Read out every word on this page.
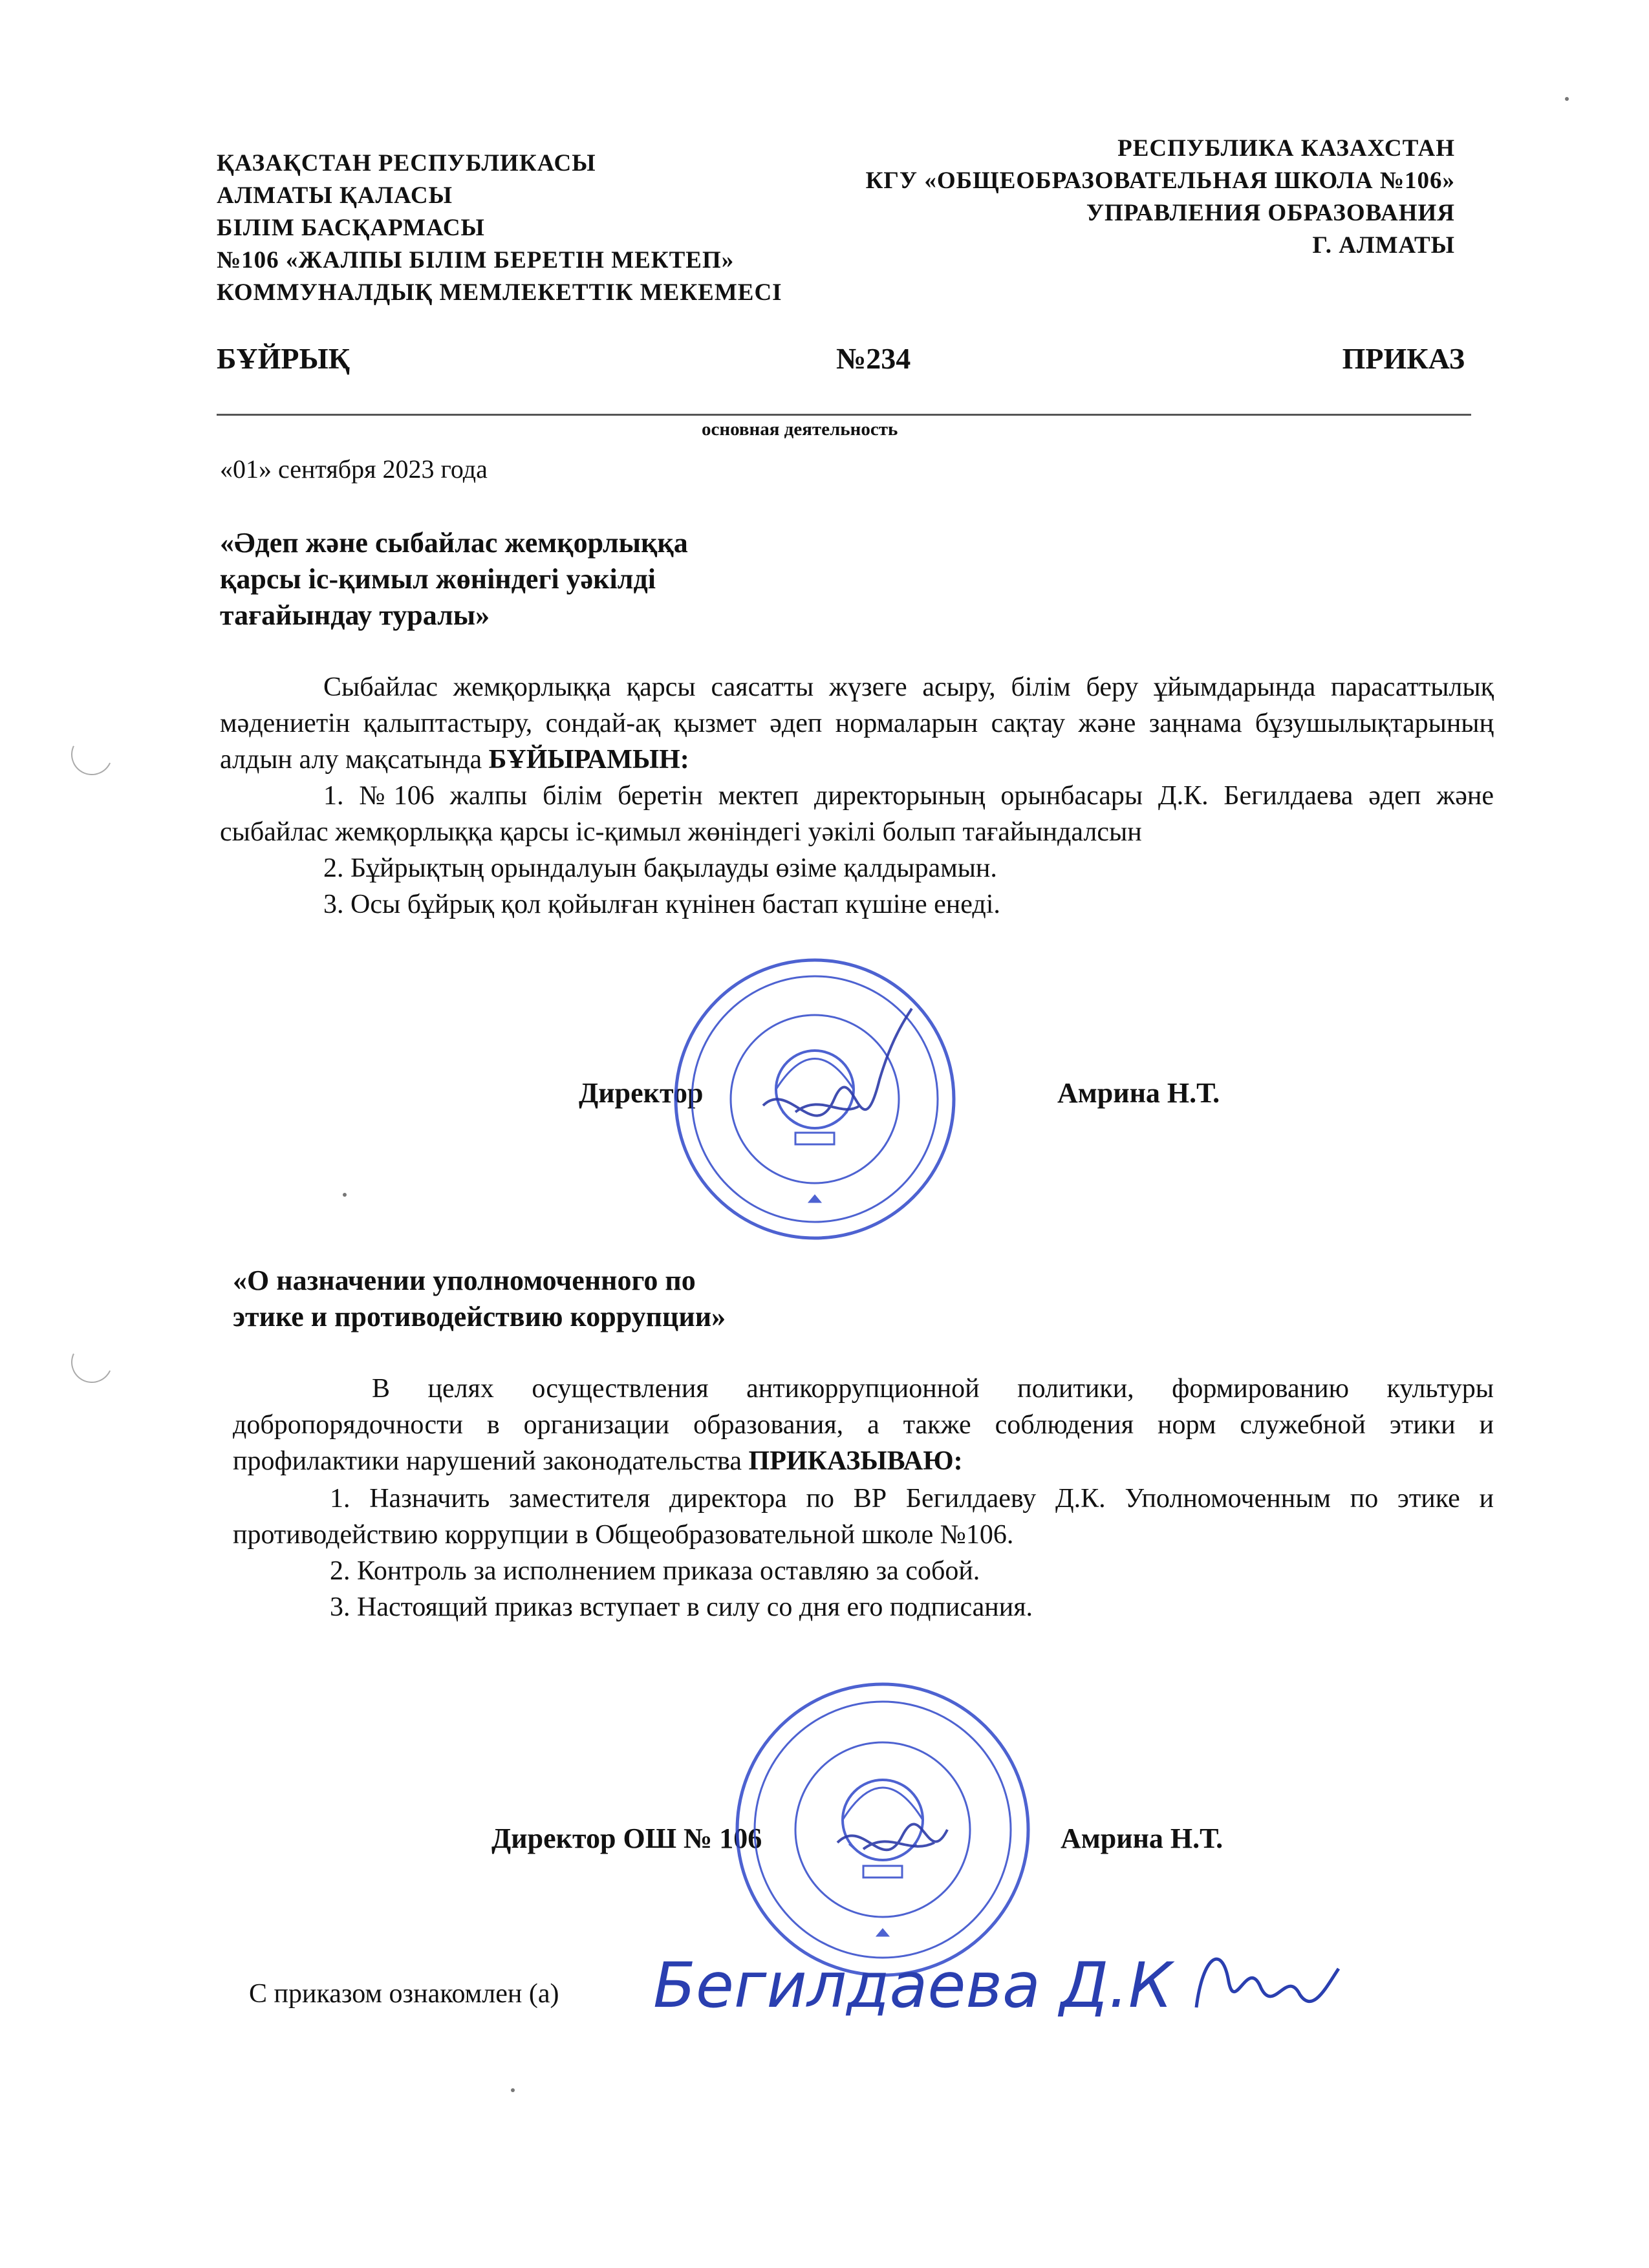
ҚАЗАҚСТАН РЕСПУБЛИКАСЫ
АЛМАТЫ ҚАЛАСЫ
БІЛІМ БАСҚАРМАСЫ
№106 «ЖАЛПЫ БІЛІМ БЕРЕТІН МЕКТЕП»
КОММУНАЛДЫҚ МЕМЛЕКЕТТІК МЕКЕМЕСІ
РЕСПУБЛИКА КАЗАХСТАН
КГУ «ОБЩЕОБРАЗОВАТЕЛЬНАЯ ШКОЛА №106»
УПРАВЛЕНИЯ ОБРАЗОВАНИЯ
Г. АЛМАТЫ
БҰЙРЫҚ	№234	ПРИКАЗ
основная деятельность
«01» сентября 2023 года
«Әдеп және сыбайлас жемқорлыққа
қарсы іс-қимыл жөніндегі уәкілді
тағайындау туралы»
Сыбайлас жемқорлыққа қарсы саясатты жүзеге асыру, білім беру ұйымдарында парасаттылық мәдениетін қалыптастыру, сондай-ақ қызмет әдеп нормаларын сақтау және заңнама бұзушылықтарының алдын алу мақсатында БҰЙЫРАМЫН:
1. №106 жалпы білім беретін мектеп директорының орынбасары Д.К. Бегилдаева әдеп және сыбайлас жемқорлыққа қарсы іс-қимыл жөніндегі уәкілі болып тағайындалсын
2. Бұйрықтың орындалуын бақылауды өзіме қалдырамын.
3. Осы бұйрық қол қойылған күнінен бастап күшіне енеді.
Директор	Амрина Н.Т.
«О назначении уполномоченного по
этике и противодействию коррупции»
В целях осуществления антикоррупционной политики, формированию культуры добропорядочности в организации образования, а также соблюдения норм служебной этики и профилактики нарушений законодательства ПРИКАЗЫВАЮ:
1. Назначить заместителя директора по ВР Бегилдаеву Д.К. Уполномоченным по этике и противодействию коррупции в Общеобразовательной школе №106.
2. Контроль за исполнением приказа оставляю за собой.
3. Настоящий приказ вступает в силу со дня его подписания.
Директор ОШ № 106	Амрина Н.Т.
С приказом ознакомлен (а) Бегилдаева Д.К
